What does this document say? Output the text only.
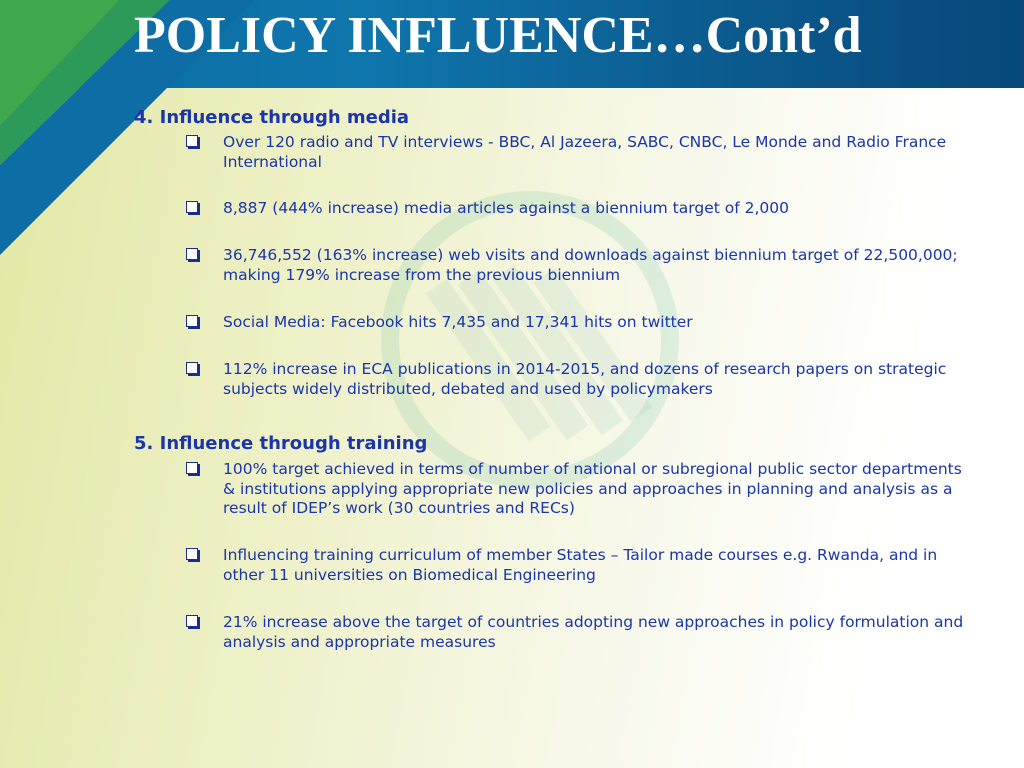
POLICY INFLUENCE…Cont’d
4. Influence through media
Over 120 radio and TV interviews - BBC, Al Jazeera, SABC, CNBC, Le Monde and Radio France International
8,887 (444% increase) media articles against a biennium target of 2,000
36,746,552 (163% increase) web visits and downloads against biennium target of 22,500,000; making 179% increase from the previous biennium
Social Media: Facebook hits 7,435 and 17,341 hits on twitter
112% increase in ECA publications in 2014-2015, and dozens of research papers on strategic subjects widely distributed, debated and used by policymakers
5. Influence through training
100% target achieved in terms of number of national or subregional public sector departments & institutions applying appropriate new policies and approaches in planning and analysis as a result of IDEP’s work (30 countries and RECs)
Influencing training curriculum of member States – Tailor made courses e.g. Rwanda, and in other 11 universities on Biomedical Engineering
21% increase above the target of countries adopting new approaches in policy formulation and analysis and appropriate measures
